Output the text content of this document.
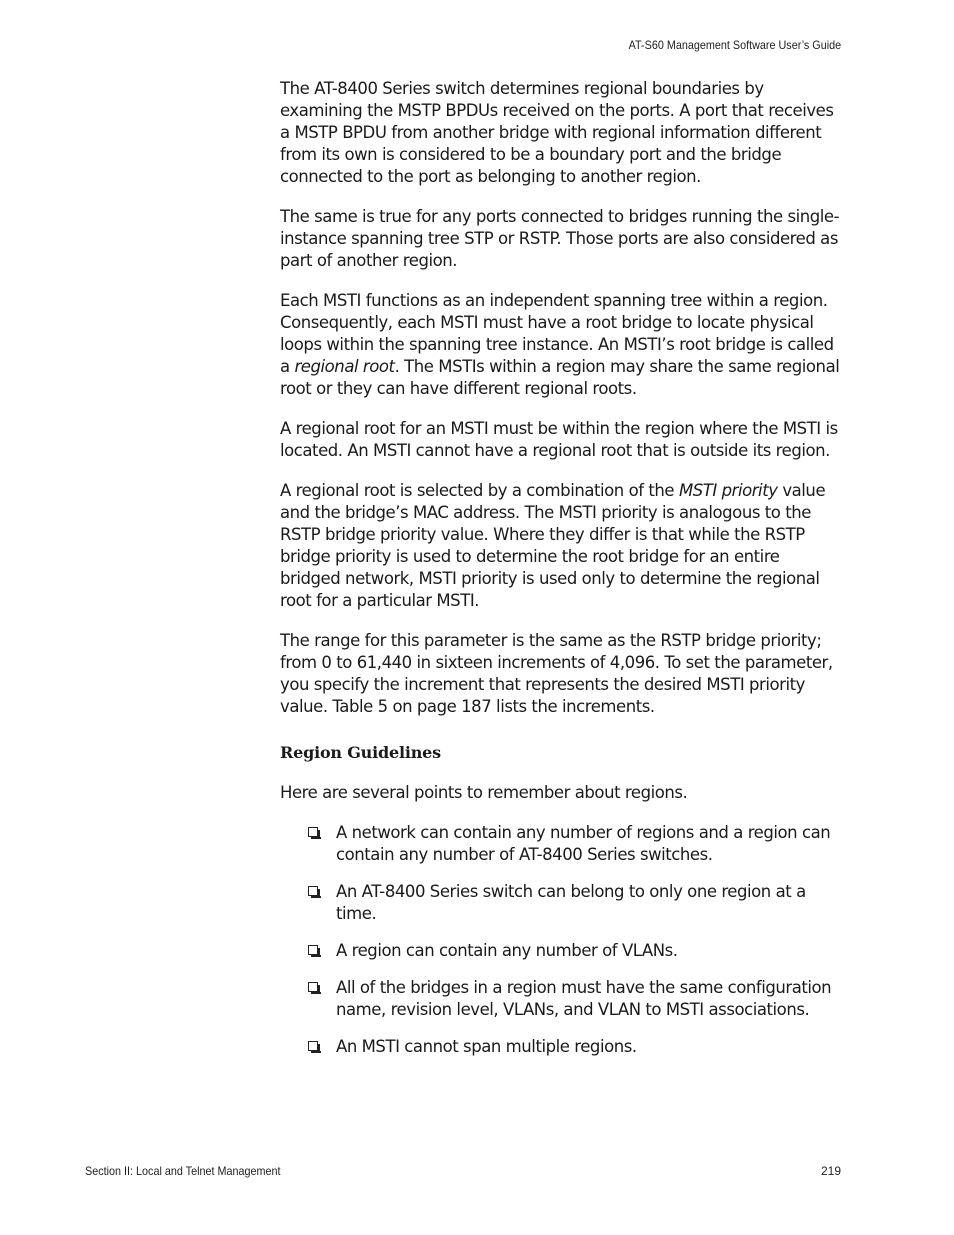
AT-S60 Management Software User’s Guide

The AT-8400 Series switch determines regional boundaries by examining the MSTP BPDUs received on the ports. A port that receives a MSTP BPDU from another bridge with regional information different from its own is considered to be a boundary port and the bridge connected to the port as belonging to another region.

The same is true for any ports connected to bridges running the single-instance spanning tree STP or RSTP. Those ports are also considered as part of another region.

Each MSTI functions as an independent spanning tree within a region. Consequently, each MSTI must have a root bridge to locate physical loops within the spanning tree instance. An MSTI’s root bridge is called a regional root. The MSTIs within a region may share the same regional root or they can have different regional roots.

A regional root for an MSTI must be within the region where the MSTI is located. An MSTI cannot have a regional root that is outside its region.

A regional root is selected by a combination of the MSTI priority value and the bridge’s MAC address. The MSTI priority is analogous to the RSTP bridge priority value. Where they differ is that while the RSTP bridge priority is used to determine the root bridge for an entire bridged network, MSTI priority is used only to determine the regional root for a particular MSTI.

The range for this parameter is the same as the RSTP bridge priority; from 0 to 61,440 in sixteen increments of 4,096. To set the parameter, you specify the increment that represents the desired MSTI priority value. Table 5 on page 187 lists the increments.

Region Guidelines

Here are several points to remember about regions.

A network can contain any number of regions and a region can contain any number of AT-8400 Series switches.
An AT-8400 Series switch can belong to only one region at a time.
A region can contain any number of VLANs.
All of the bridges in a region must have the same configuration name, revision level, VLANs, and VLAN to MSTI associations.
An MSTI cannot span multiple regions.
Section II: Local and Telnet Management	219
